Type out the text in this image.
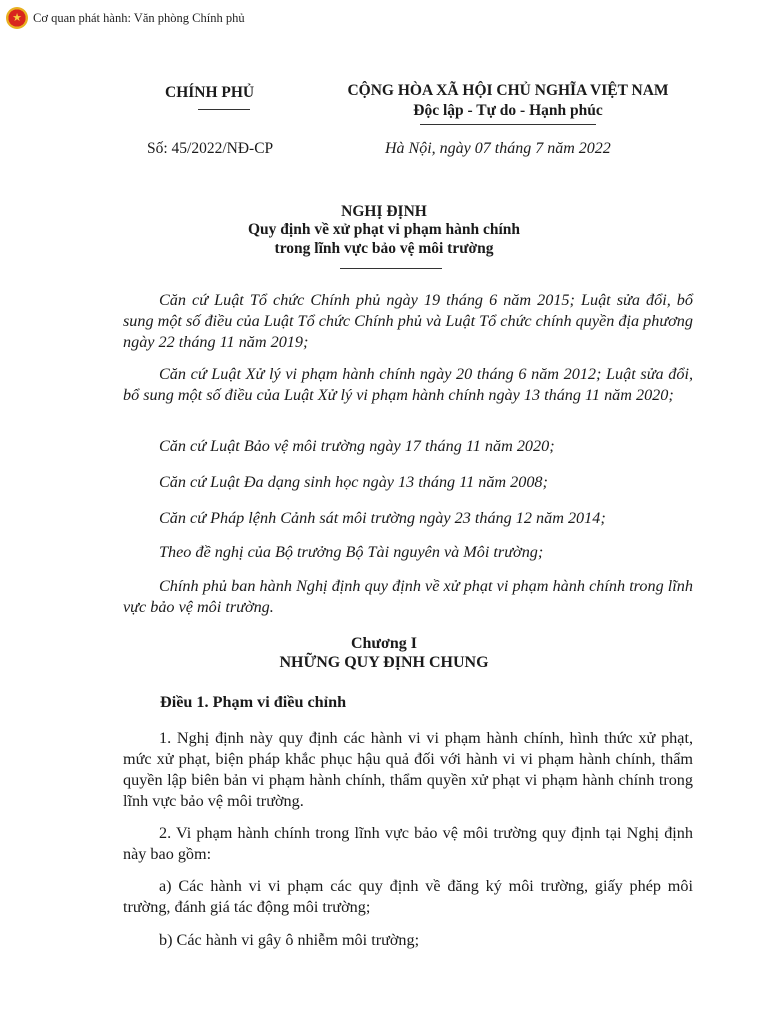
★
Cơ quan phát hành: Văn phòng Chính phủ
CHÍNH PHỦ	CỘNG HÒA XÃ HỘI CHỦ NGHĨA VIỆT NAM
Độc lập - Tự do - Hạnh phúc
Số: 45/2022/NĐ-CP	Hà Nội, ngày 07 tháng 7 năm 2022
NGHỊ ĐỊNH
Quy định về xử phạt vi phạm hành chính
trong lĩnh vực bảo vệ môi trường
Căn cứ Luật Tổ chức Chính phủ ngày 19 tháng 6 năm 2015; Luật sửa đổi, bổ sung một số điều của Luật Tổ chức Chính phủ và Luật Tổ chức chính quyền địa phương ngày 22 tháng 11 năm 2019;
Căn cứ Luật Xử lý vi phạm hành chính ngày 20 tháng 6 năm 2012; Luật sửa đổi, bổ sung một số điều của Luật Xử lý vi phạm hành chính ngày 13 tháng 11 năm 2020;
Căn cứ Luật Bảo vệ môi trường ngày 17 tháng 11 năm 2020;
Căn cứ Luật Đa dạng sinh học ngày 13 tháng 11 năm 2008;
Căn cứ Pháp lệnh Cảnh sát môi trường ngày 23 tháng 12 năm 2014;
Theo đề nghị của Bộ trưởng Bộ Tài nguyên và Môi trường;
Chính phủ ban hành Nghị định quy định về xử phạt vi phạm hành chính trong lĩnh vực bảo vệ môi trường.
Chương I
NHỮNG QUY ĐỊNH CHUNG
Điều 1. Phạm vi điều chỉnh
1. Nghị định này quy định các hành vi vi phạm hành chính, hình thức xử phạt, mức xử phạt, biện pháp khắc phục hậu quả đối với hành vi vi phạm hành chính, thẩm quyền lập biên bản vi phạm hành chính, thẩm quyền xử phạt vi phạm hành chính trong lĩnh vực bảo vệ môi trường.
2. Vi phạm hành chính trong lĩnh vực bảo vệ môi trường quy định tại Nghị định này bao gồm:
a) Các hành vi vi phạm các quy định về đăng ký môi trường, giấy phép môi trường, đánh giá tác động môi trường;
b) Các hành vi gây ô nhiễm môi trường;
